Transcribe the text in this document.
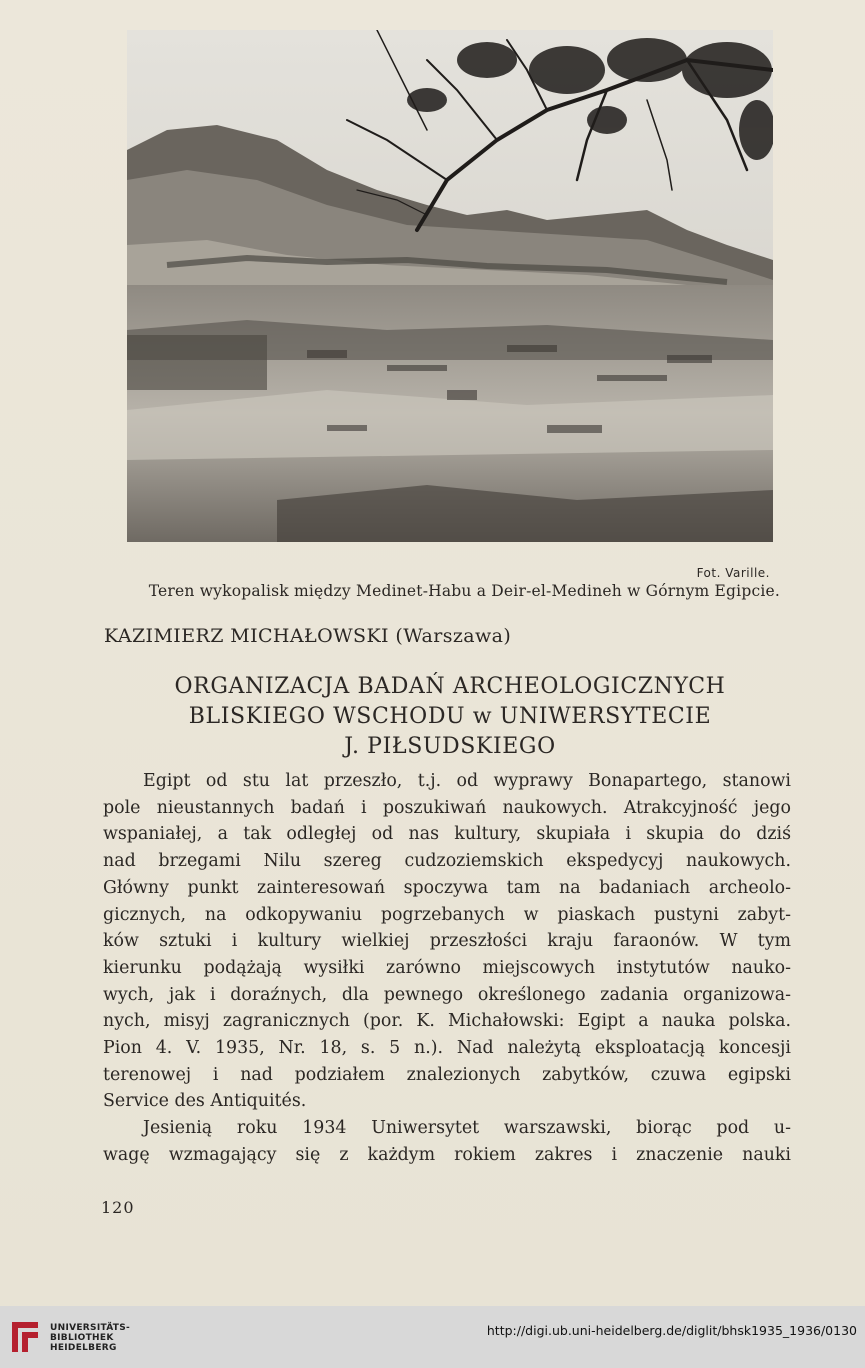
Fot. Varille.
Teren wykopalisk między Medinet-Habu a Deir-el-Medineh w Górnym Egipcie.
KAZIMIERZ MICHAŁOWSKI (Warszawa)
ORGANIZACJA BADAŃ ARCHEOLOGICZNYCH
BLISKIEGO WSCHODU w UNIWERSYTECIE
J. PIŁSUDSKIEGO
Egipt od stu lat przeszło, t.j. od wyprawy Bonapartego, stanowi
pole nieustannych badań i poszukiwań naukowych. Atrakcyjność jego
wspaniałej, a tak odległej od nas kultury, skupiała i skupia do dziś
nad brzegami Nilu szereg cudzoziemskich ekspedycyj naukowych.
Główny punkt zainteresowań spoczywa tam na badaniach archeolo-
gicznych, na odkopywaniu pogrzebanych w piaskach pustyni zabyt-
ków sztuki i kultury wielkiej przeszłości kraju faraonów. W tym
kierunku podążają wysiłki zarówno miejscowych instytutów nauko-
wych, jak i doraźnych, dla pewnego określonego zadania organizowa-
nych, misyj zagranicznych (por. K. Michałowski: Egipt a nauka polska.
Pion 4. V. 1935, Nr. 18, s. 5 n.). Nad należytą eksploatacją koncesji
terenowej i nad podziałem znalezionych zabytków, czuwa egipski
Service des Antiquités.
Jesienią roku 1934 Uniwersytet warszawski, biorąc pod u-
wagę wzmagający się z każdym rokiem zakres i znaczenie nauki
120
UNIVERSITÄTS-
BIBLIOTHEK
HEIDELBERG
http://digi.ub.uni-heidelberg.de/diglit/bhsk1935_1936/0130
